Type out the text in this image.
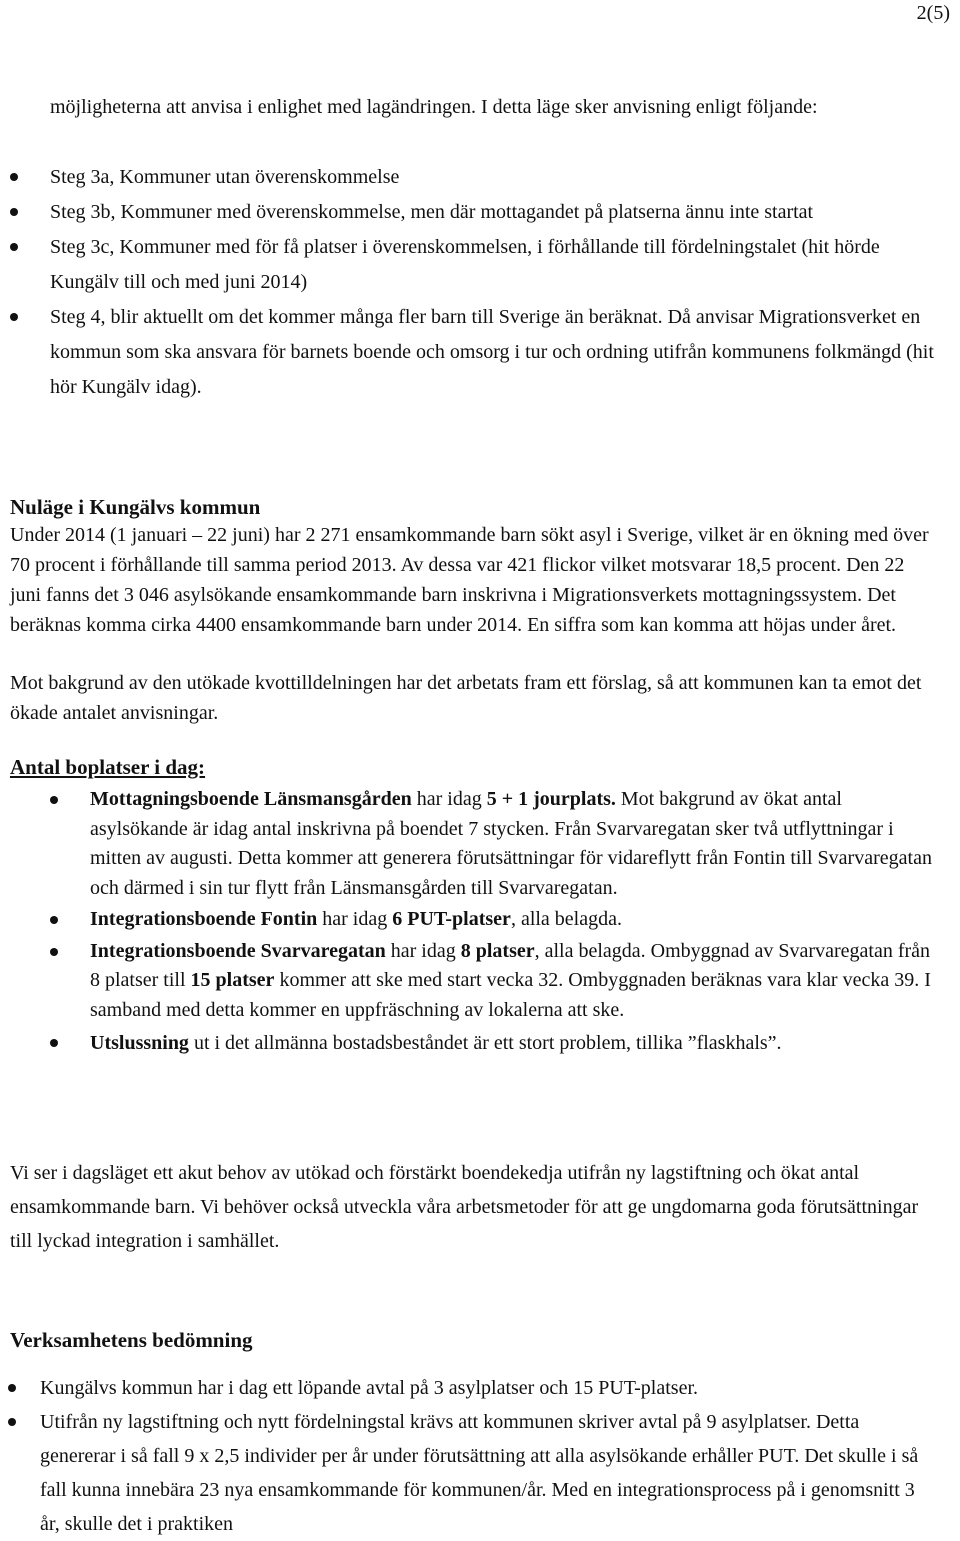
2(5)
möjligheterna att anvisa i enlighet med lagändringen. I detta läge sker anvisning enligt följande:
Steg 3a, Kommuner utan överenskommelse
Steg 3b, Kommuner med överenskommelse, men där mottagandet på platserna ännu inte startat
Steg 3c, Kommuner med för få platser i överenskommelsen, i förhållande till fördelningstalet (hit hörde Kungälv till och med juni 2014)
Steg 4, blir aktuellt om det kommer många fler barn till Sverige än beräknat. Då anvisar Migrationsverket en kommun som ska ansvara för barnets boende och omsorg i tur och ordning utifrån kommunens folkmängd (hit hör Kungälv idag).
Nuläge i Kungälvs kommun
Under 2014 (1 januari – 22 juni) har 2 271 ensamkommande barn sökt asyl i Sverige, vilket är en ökning med över 70 procent i förhållande till samma period 2013. Av dessa var 421 flickor vilket motsvarar 18,5 procent. Den 22 juni fanns det 3 046 asylsökande ensamkommande barn inskrivna i Migrationsverkets mottagningssystem. Det beräknas komma cirka 4400 ensamkommande barn under 2014. En siffra som kan komma att höjas under året.
Mot bakgrund av den utökade kvottilldelningen har det arbetats fram ett förslag, så att kommunen kan ta emot det ökade antalet anvisningar.
Antal boplatser i dag:
Mottagningsboende Länsmansgården har idag 5 + 1 jourplats. Mot bakgrund av ökat antal asylsökande är idag antal inskrivna på boendet 7 stycken. Från Svarvaregatan sker två utflyttningar i mitten av augusti. Detta kommer att generera förutsättningar för vidareflytt från Fontin till Svarvaregatan och därmed i sin tur flytt från Länsmansgården till Svarvaregatan.
Integrationsboende Fontin har idag 6 PUT-platser, alla belagda.
Integrationsboende Svarvaregatan har idag 8 platser, alla belagda. Ombyggnad av Svarvaregatan från 8 platser till 15 platser kommer att ske med start vecka 32. Ombyggnaden beräknas vara klar vecka 39. I samband med detta kommer en uppfräschning av lokalerna att ske.
Utslussning ut i det allmänna bostadsbeståndet är ett stort problem, tillika ”flaskhals”.
Vi ser i dagsläget ett akut behov av utökad och förstärkt boendekedja utifrån ny lagstiftning och ökat antal ensamkommande barn. Vi behöver också utveckla våra arbetsmetoder för att ge ungdomarna goda förutsättningar till lyckad integration i samhället.
Verksamhetens bedömning
Kungälvs kommun har i dag ett löpande avtal på 3 asylplatser och 15 PUT-platser.
Utifrån ny lagstiftning och nytt fördelningstal krävs att kommunen skriver avtal på 9 asylplatser. Detta genererar i så fall 9 x 2,5 individer per år under förutsättning att alla asylsökande erhåller PUT. Det skulle i så fall kunna innebära 23 nya ensamkommande för kommunen/år. Med en integrationsprocess på i genomsnitt 3 år, skulle det i praktiken
